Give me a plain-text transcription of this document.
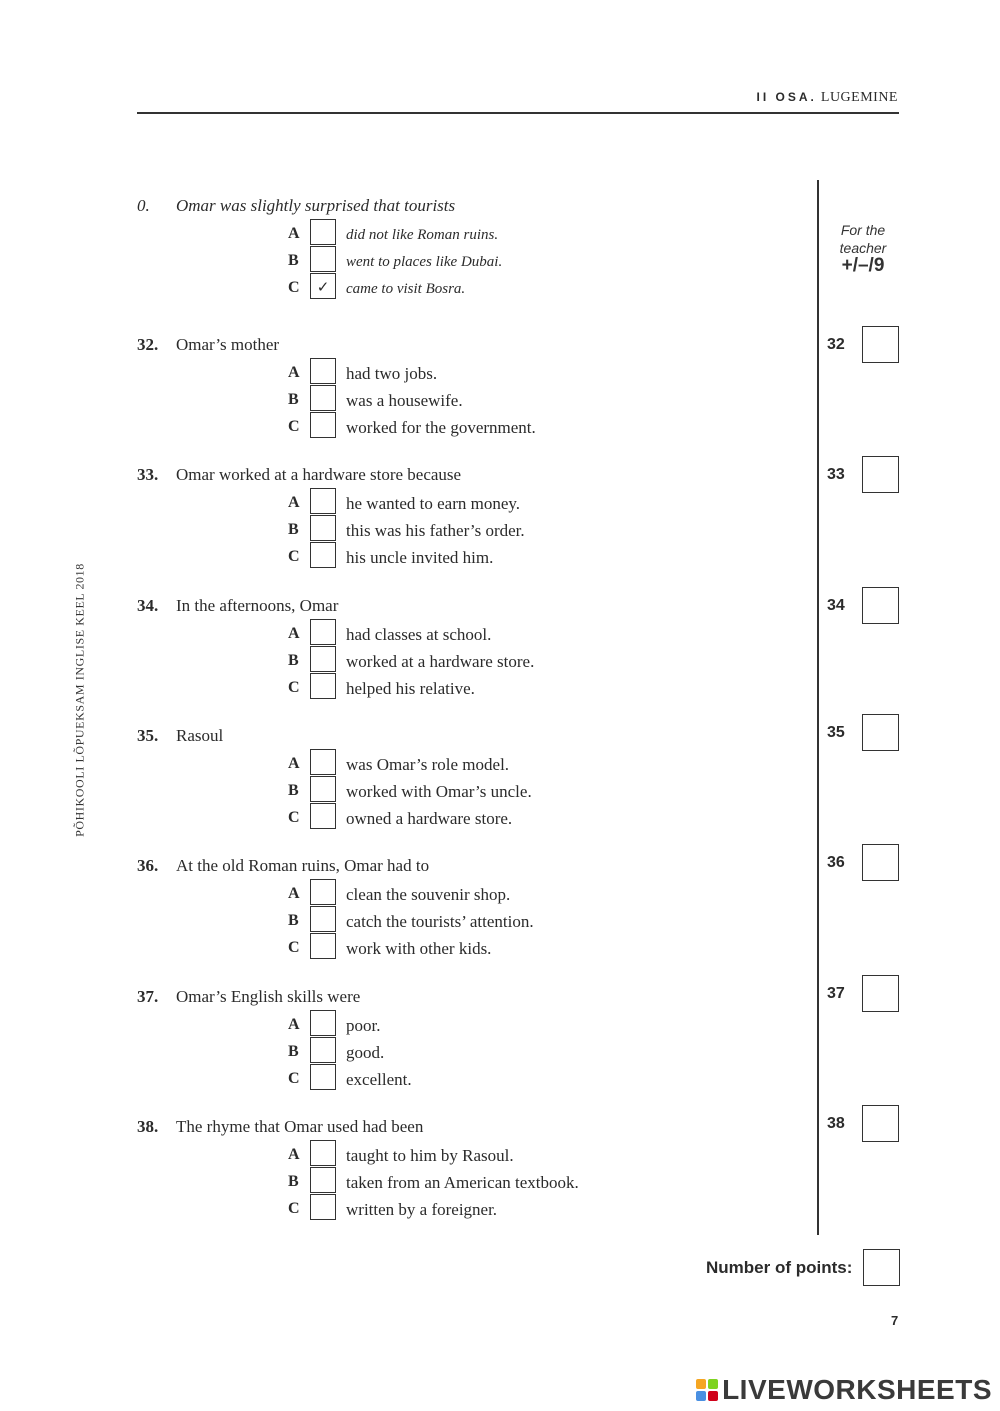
II OSA. LUGEMINE
PÕHIKOOLI LÕPUEKSAM INGLISE KEEL 2018
For the
teacher
+/–/9
0. Omar was slightly surprised that tourists
A	did not like Roman ruins.
B	went to places like Dubai.
C	✓	came to visit Bosra.
32. Omar’s mother
A	had two jobs.
B	was a housewife.
C	worked for the government.
32
33. Omar worked at a hardware store because
A	he wanted to earn money.
B	this was his father’s order.
C	his uncle invited him.
33
34. In the afternoons, Omar
A	had classes at school.
B	worked at a hardware store.
C	helped his relative.
34
35. Rasoul
A	was Omar’s role model.
B	worked with Omar’s uncle.
C	owned a hardware store.
35
36. At the old Roman ruins, Omar had to
A	clean the souvenir shop.
B	catch the tourists’ attention.
C	work with other kids.
36
37. Omar’s English skills were
A	poor.
B	good.
C	excellent.
37
38. The rhyme that Omar used had been
A	taught to him by Rasoul.
B	taken from an American textbook.
C	written by a foreigner.
38
Number of points:
7
LIVEWORKSHEETS
